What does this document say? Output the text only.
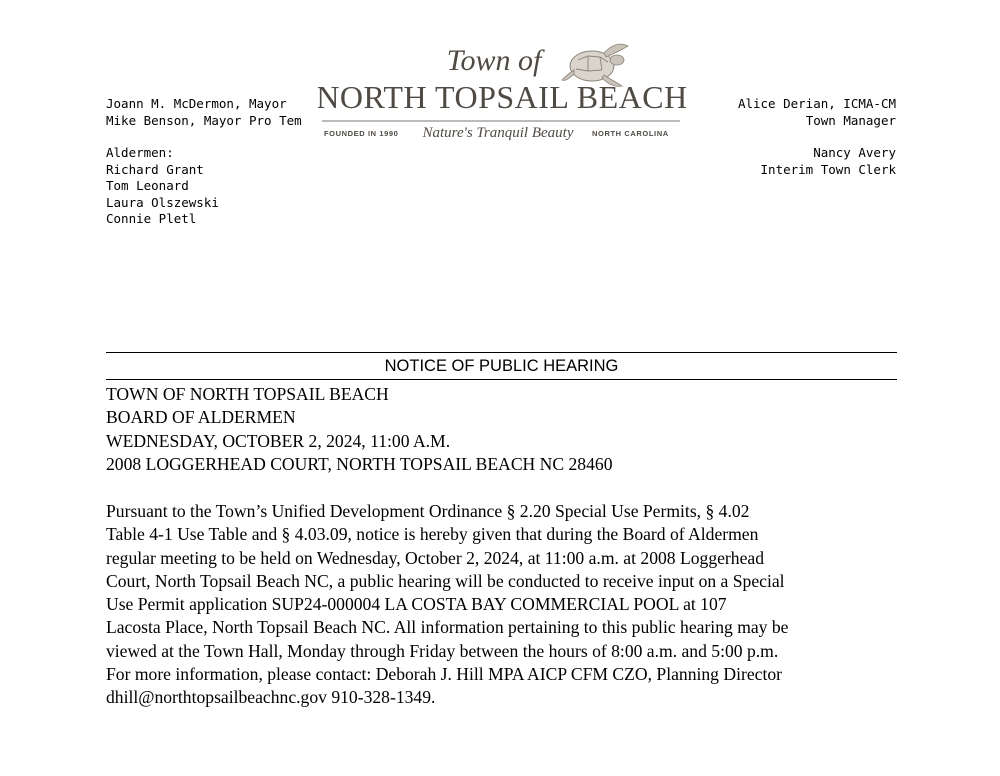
Joann M. McDermon, Mayor
Mike Benson, Mayor Pro Tem
Aldermen:
Richard Grant
Tom Leonard
Laura Olszewski
Connie Pletl
Town of
NORTH TOPSAIL BEACH
FOUNDED IN 1990 Nature's Tranquil Beauty NORTH CAROLINA
Alice Derian, ICMA-CM
Town Manager
Nancy Avery
Interim Town Clerk
NOTICE OF PUBLIC HEARING
TOWN OF NORTH TOPSAIL BEACH
BOARD OF ALDERMEN
WEDNESDAY, OCTOBER 2, 2024, 11:00 A.M.
2008 LOGGERHEAD COURT, NORTH TOPSAIL BEACH NC 28460
Pursuant to the Town’s Unified Development Ordinance § 2.20 Special Use Permits, § 4.02
Table 4-1 Use Table and § 4.03.09, notice is hereby given that during the Board of Aldermen
regular meeting to be held on Wednesday, October 2, 2024, at 11:00 a.m. at 2008 Loggerhead
Court, North Topsail Beach NC, a public hearing will be conducted to receive input on a Special
Use Permit application SUP24-000004 LA COSTA BAY COMMERCIAL POOL at 107
Lacosta Place, North Topsail Beach NC. All information pertaining to this public hearing may be
viewed at the Town Hall, Monday through Friday between the hours of 8:00 a.m. and 5:00 p.m.
For more information, please contact: Deborah J. Hill MPA AICP CFM CZO, Planning Director
dhill@northtopsailbeachnc.gov 910-328-1349.
